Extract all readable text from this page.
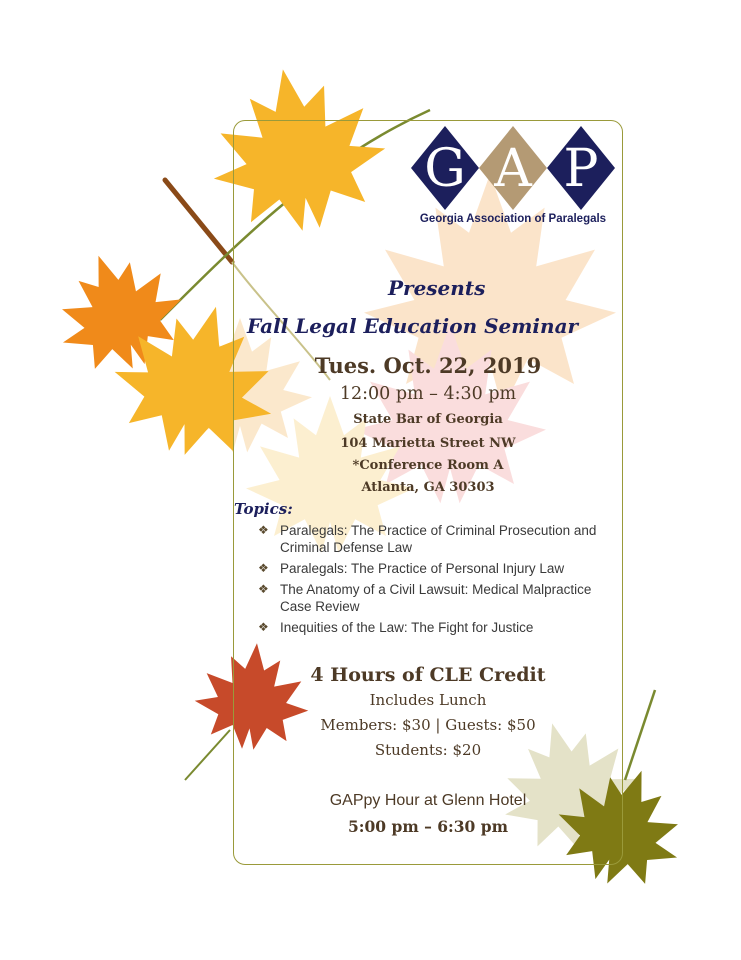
G A P
Georgia Association of Paralegals
Presents
Fall Legal Education Seminar
Tues. Oct. 22, 2019
12:00 pm – 4:30 pm
State Bar of Georgia
104 Marietta Street NW
*Conference Room A
Atlanta, GA 30303
Topics:
❖ Paralegals: The Practice of Criminal Prosecution and Criminal Defense Law
❖ Paralegals: The Practice of Personal Injury Law
❖ The Anatomy of a Civil Lawsuit: Medical Malpractice Case Review
❖ Inequities of the Law: The Fight for Justice
4 Hours of CLE Credit
Includes Lunch
Members: $30 | Guests: $50
Students: $20
GAPpy Hour at Glenn Hotel
5:00 pm – 6:30 pm
